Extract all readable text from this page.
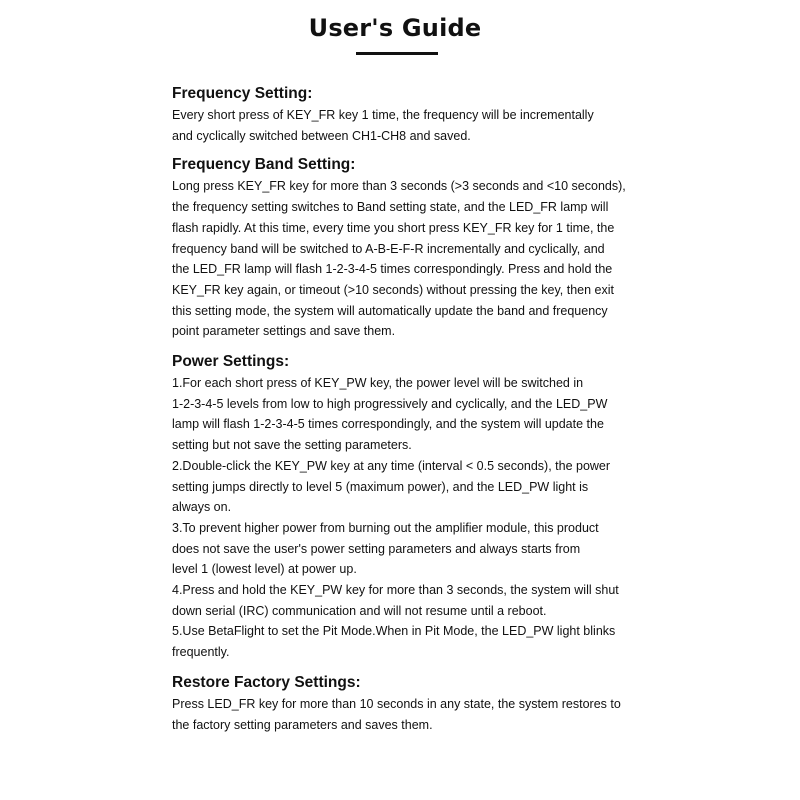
User's Guide
Frequency Setting:
Every short press of KEY_FR key 1 time, the frequency will be incrementally
and cyclically switched between CH1-CH8 and saved.
Frequency Band Setting:
Long press KEY_FR key for more than 3 seconds (>3 seconds and <10 seconds),
the frequency setting switches to Band setting state, and the LED_FR lamp will
flash rapidly. At this time, every time you short press KEY_FR key for 1 time, the
frequency band will be switched to A-B-E-F-R incrementally and cyclically, and
the LED_FR lamp will flash 1-2-3-4-5 times correspondingly. Press and hold the
KEY_FR key again, or timeout (>10 seconds) without pressing the key, then exit
this setting mode, the system will automatically update the band and frequency
point parameter settings and save them.
Power Settings:
1.For each short press of KEY_PW key, the power level will be switched in
1-2-3-4-5 levels from low to high progressively and cyclically, and the LED_PW
lamp will flash 1-2-3-4-5 times correspondingly, and the system will update the
setting but not save the setting parameters.
2.Double-click the KEY_PW key at any time (interval < 0.5 seconds), the power
setting jumps directly to level 5 (maximum power), and the LED_PW light is
always on.
3.To prevent higher power from burning out the amplifier module, this product
does not save the user's power setting parameters and always starts from
level 1 (lowest level) at power up.
4.Press and hold the KEY_PW key for more than 3 seconds, the system will shut
down serial (IRC) communication and will not resume until a reboot.
5.Use BetaFlight to set the Pit Mode.When in Pit Mode, the LED_PW light blinks
frequently.
Restore Factory Settings:
Press LED_FR key for more than 10 seconds in any state, the system restores to
the factory setting parameters and saves them.
